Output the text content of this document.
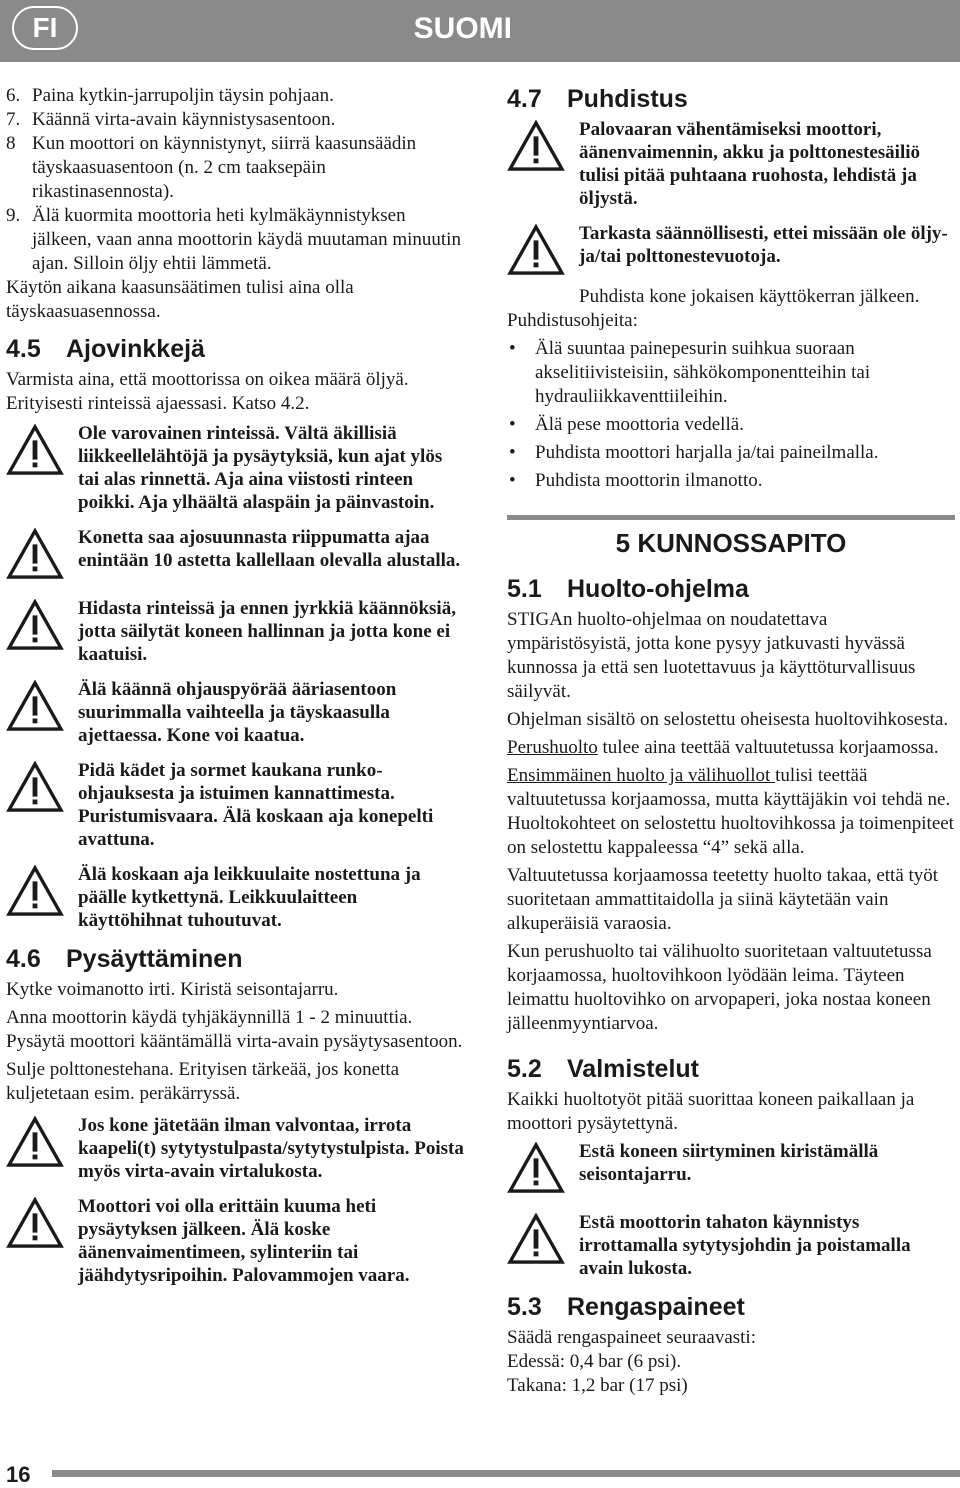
FI	SUOMI
6. Paina kytkin-jarrupoljin täysin pohjaan.
7. Käännä virta-avain käynnistysasentoon.
8 Kun moottori on käynnistynyt, siirrä kaasunsäädin täyskaasuasentoon (n. 2 cm taaksepäin rikastinasennosta).
9. Älä kuormita moottoria heti kylmäkäynnistyksen jälkeen, vaan anna moottorin käydä muutaman minuutin ajan. Silloin öljy ehtii lämmetä.

Käytön aikana kaasunsäätimen tulisi aina olla täyskaasuasennossa.

4.5 Ajovinkkejä

Varmista aina, että moottorissa on oikea määrä öljyä. Erityisesti rinteissä ajaessasi. Katso 4.2.

Ole varovainen rinteissä. Vältä äkillisiä liikkeellelähtöjä ja pysäytyksiä, kun ajat ylös tai alas rinnettä. Aja aina viistosti rinteen poikki. Aja ylhäältä alaspäin ja päinvastoin.
Konetta saa ajosuunnasta riippumatta ajaa enintään 10 astetta kallellaan olevalla alustalla.
Hidasta rinteissä ja ennen jyrkkiä käännöksiä, jotta säilytät koneen hallinnan ja jotta kone ei kaatuisi.
Älä käännä ohjauspyörää ääriasentoon suurimmalla vaihteella ja täyskaasulla ajettaessa. Kone voi kaatua.
Pidä kädet ja sormet kaukana runko-ohjauksesta ja istuimen kannattimesta. Puristumisvaara. Älä koskaan aja konepelti avattuna.
Älä koskaan aja leikkuulaite nostettuna ja päälle kytkettynä. Leikkuulaitteen käyttöhihnat tuhoutuvat.
4.6 Pysäyttäminen

Kytke voimanotto irti. Kiristä seisontajarru.

Anna moottorin käydä tyhjäkäynnillä 1 - 2 minuuttia. Pysäytä moottori kääntämällä virta-avain pysäytysasentoon.

Sulje polttonestehana. Erityisen tärkeää, jos konetta kuljetetaan esim. peräkärryssä.

Jos kone jätetään ilman valvontaa, irrota kaapeli(t) sytytystulpasta/sytytystulpista. Poista myös virta-avain virtalukosta.
Moottori voi olla erittäin kuuma heti pysäytyksen jälkeen. Älä koske äänenvaimentimeen, sylinteriin tai jäähdytysripoihin. Palovammojen vaara.
4.7 Puhdistus
Palovaaran vähentämiseksi moottori, äänenvaimennin, akku ja polttonestesäiliö tulisi pitää puhtaana ruohosta, lehdistä ja öljystä.
Tarkasta säännöllisesti, ettei missään ole öljy- ja/tai polttonestevuotoja.

Puhdista kone jokaisen käyttökerran jälkeen. Puhdistusohjeita:

•	Älä suuntaa painepesurin suihkua suoraan akselitiivisteisiin, sähkökomponentteihin tai hydrauliikkaventtiileihin.
•	Älä pese moottoria vedellä.
•	Puhdista moottori harjalla ja/tai paineilmalla.
•	Puhdista moottorin ilmanotto.
5 KUNNOSSAPITO
5.1 Huolto-ohjelma

STIGAn huolto-ohjelmaa on noudatettava ympäristösyistä, jotta kone pysyy jatkuvasti hyvässä kunnossa ja että sen luotettavuus ja käyttöturvallisuus säilyvät.

Ohjelman sisältö on selostettu oheisesta huoltovihkosesta.

Perushuolto tulee aina teettää valtuutetussa korjaamossa.

Ensimmäinen huolto ja välihuollot tulisi teettää valtuutetussa korjaamossa, mutta käyttäjäkin voi tehdä ne. Huoltokohteet on selostettu huoltovihkossa ja toimenpiteet on selostettu kappaleessa “4” sekä alla.

Valtuutetussa korjaamossa teetetty huolto takaa, että työt suoritetaan ammattitaidolla ja siinä käytetään vain alkuperäisiä varaosia.

Kun perushuolto tai välihuolto suoritetaan valtuutetussa korjaamossa, huoltovihkoon lyödään leima. Täyteen leimattu huoltovihko on arvopaperi, joka nostaa koneen jälleenmyyntiarvoa.

5.2 Valmistelut

Kaikki huoltotyöt pitää suorittaa koneen paikallaan ja moottori pysäytettynä.

Estä koneen siirtyminen kiristämällä seisontajarru.
Estä moottorin tahaton käynnistys irrottamalla sytytysjohdin ja poistamalla avain lukosta.
5.3 Rengaspaineet

Säädä rengaspaineet seuraavasti:

Edessä: 0,4 bar (6 psi).

Takana: 1,2 bar (17 psi)

16
